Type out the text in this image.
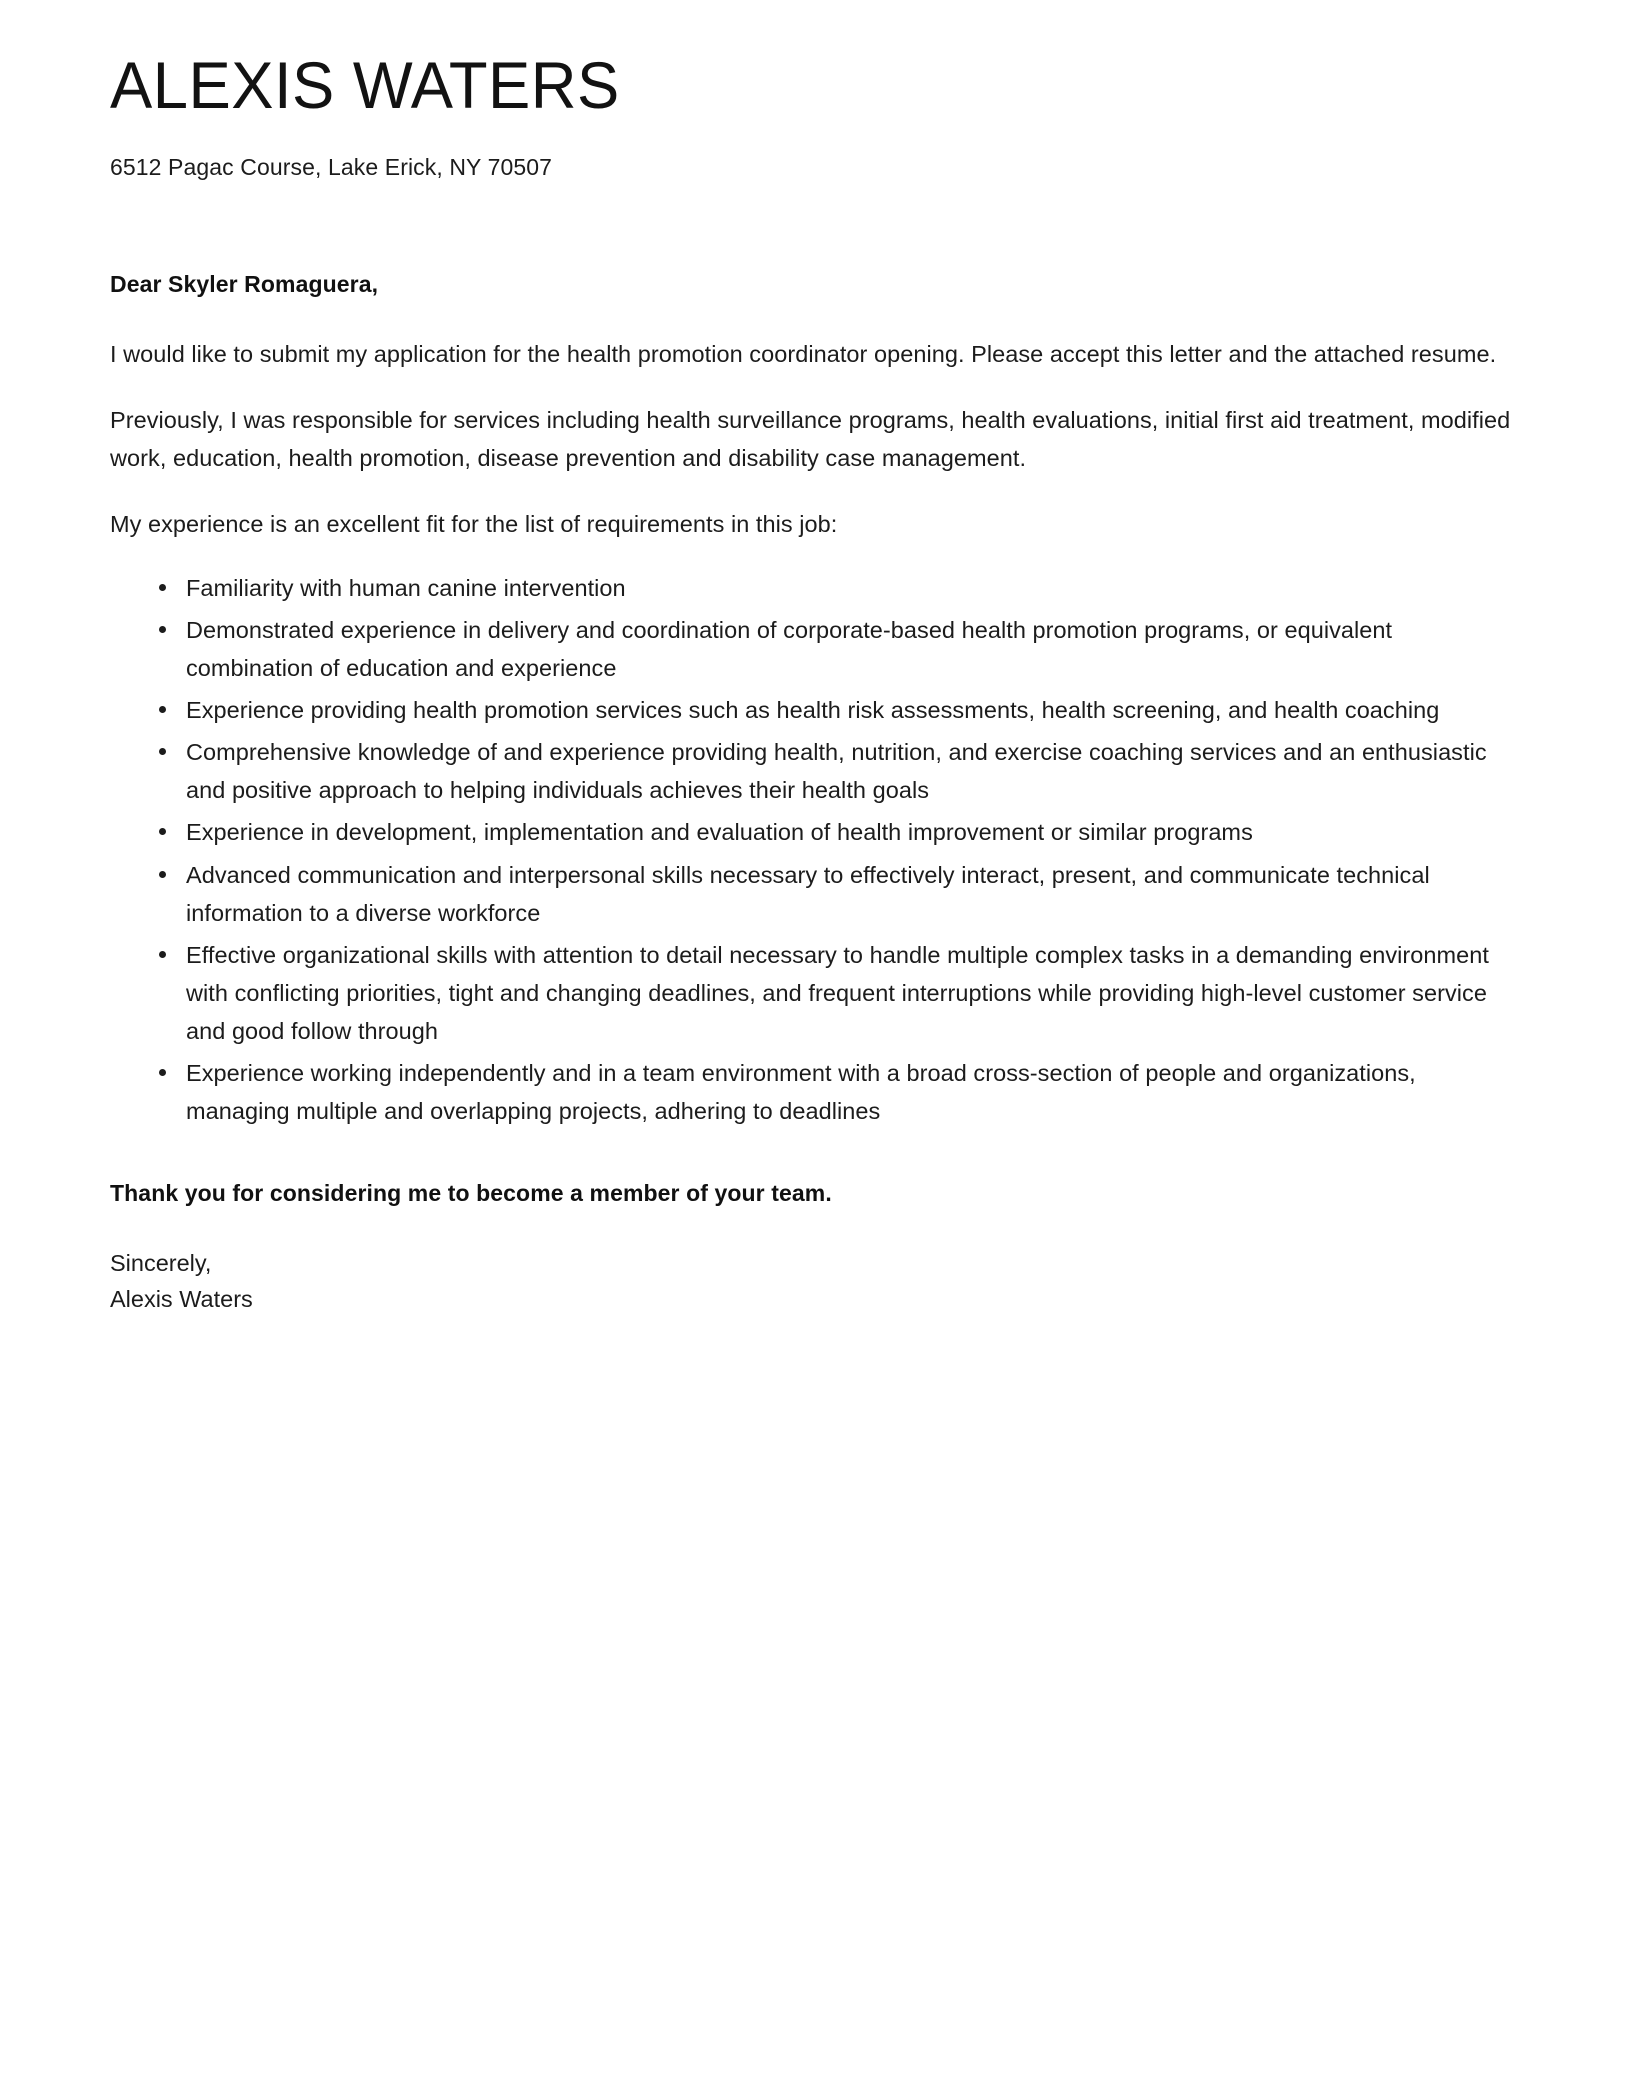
ALEXIS WATERS
6512 Pagac Course, Lake Erick, NY 70507

Dear Skyler Romaguera,

I would like to submit my application for the health promotion coordinator opening. Please accept this letter and the attached resume.

Previously, I was responsible for services including health surveillance programs, health evaluations, initial first aid treatment, modified work, education, health promotion, disease prevention and disability case management.

My experience is an excellent fit for the list of requirements in this job:

Familiarity with human canine intervention
Demonstrated experience in delivery and coordination of corporate-based health promotion programs, or equivalent combination of education and experience
Experience providing health promotion services such as health risk assessments, health screening, and health coaching
Comprehensive knowledge of and experience providing health, nutrition, and exercise coaching services and an enthusiastic and positive approach to helping individuals achieves their health goals
Experience in development, implementation and evaluation of health improvement or similar programs
Advanced communication and interpersonal skills necessary to effectively interact, present, and communicate technical information to a diverse workforce
Effective organizational skills with attention to detail necessary to handle multiple complex tasks in a demanding environment with conflicting priorities, tight and changing deadlines, and frequent interruptions while providing high-level customer service and good follow through
Experience working independently and in a team environment with a broad cross-section of people and organizations, managing multiple and overlapping projects, adhering to deadlines

Thank you for considering me to become a member of your team.

Sincerely,
Alexis Waters
